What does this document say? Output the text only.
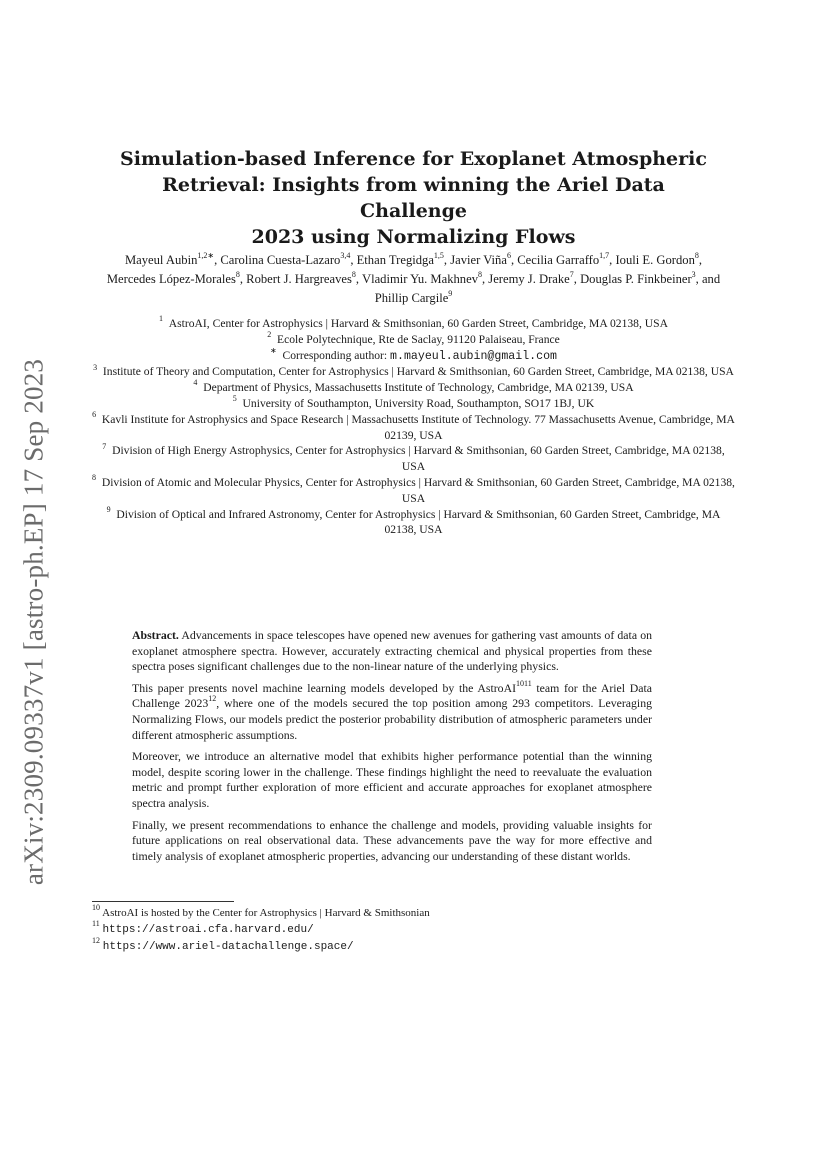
arXiv:2309.09337v1 [astro-ph.EP] 17 Sep 2023
Simulation-based Inference for Exoplanet Atmospheric
Retrieval: Insights from winning the Ariel Data Challenge
2023 using Normalizing Flows
Mayeul Aubin$^{1,2∗}$, Carolina Cuesta-Lazaro$^{3,4}$, Ethan Tregidga$^{1,5}$, Javier Viña$^6$, Cecilia Garraffo$^{1,7}$, Iouli E. Gordon$^8$, Mercedes López-Morales$^8$, Robert J. Hargreaves$^8$, Vladimir Yu. Makhnev$^8$, Jeremy J. Drake$^7$, Douglas P. Finkbeiner$^3$, and Phillip Cargile$^9$
$^1$  AstroAI, Center for Astrophysics | Harvard & Smithsonian, 60 Garden Street, Cambridge, MA 02138, USA
$^2$  Ecole Polytechnique, Rte de Saclay, 91120 Palaiseau, France
∗  Corresponding author: m.mayeul.aubin@gmail.com
$^3$  Institute of Theory and Computation, Center for Astrophysics | Harvard & Smithsonian, 60 Garden Street, Cambridge, MA 02138, USA
$^4$  Department of Physics, Massachusetts Institute of Technology, Cambridge, MA 02139, USA
$^5$  University of Southampton, University Road, Southampton, SO17 1BJ, UK
$^6$  Kavli Institute for Astrophysics and Space Research | Massachusetts Institute of Technology. 77 Massachusetts Avenue, Cambridge, MA 02139, USA
$^7$  Division of High Energy Astrophysics, Center for Astrophysics | Harvard & Smithsonian, 60 Garden Street, Cambridge, MA 02138, USA
$^8$  Division of Atomic and Molecular Physics, Center for Astrophysics | Harvard & Smithsonian, 60 Garden Street, Cambridge, MA 02138, USA
$^9$  Division of Optical and Infrared Astronomy, Center for Astrophysics | Harvard & Smithsonian, 60 Garden Street, Cambridge, MA 02138, USA

Abstract. Advancements in space telescopes have opened new avenues for gathering vast amounts of data on exoplanet atmosphere spectra. However, accurately extracting chemical and physical properties from these spectra poses significant challenges due to the non-linear nature of the underlying physics.

This paper presents novel machine learning models developed by the AstroAI$^{1011}$ team for the Ariel Data Challenge 2023$^{12}$, where one of the models secured the top position among 293 competitors. Leveraging Normalizing Flows, our models predict the posterior probability distribution of atmospheric parameters under different atmospheric assumptions.

Moreover, we introduce an alternative model that exhibits higher performance potential than the winning model, despite scoring lower in the challenge. These findings highlight the need to reevaluate the evaluation metric and prompt further exploration of more efficient and accurate approaches for exoplanet atmosphere spectra analysis.

Finally, we present recommendations to enhance the challenge and models, providing valuable insights for future applications on real observational data. These advancements pave the way for more effective and timely analysis of exoplanet atmospheric properties, advancing our understanding of these distant worlds.

$^{10}$ AstroAI is hosted by the Center for Astrophysics | Harvard & Smithsonian
$^{11}$ https://astroai.cfa.harvard.edu/
$^{12}$ https://www.ariel-datachallenge.space/
